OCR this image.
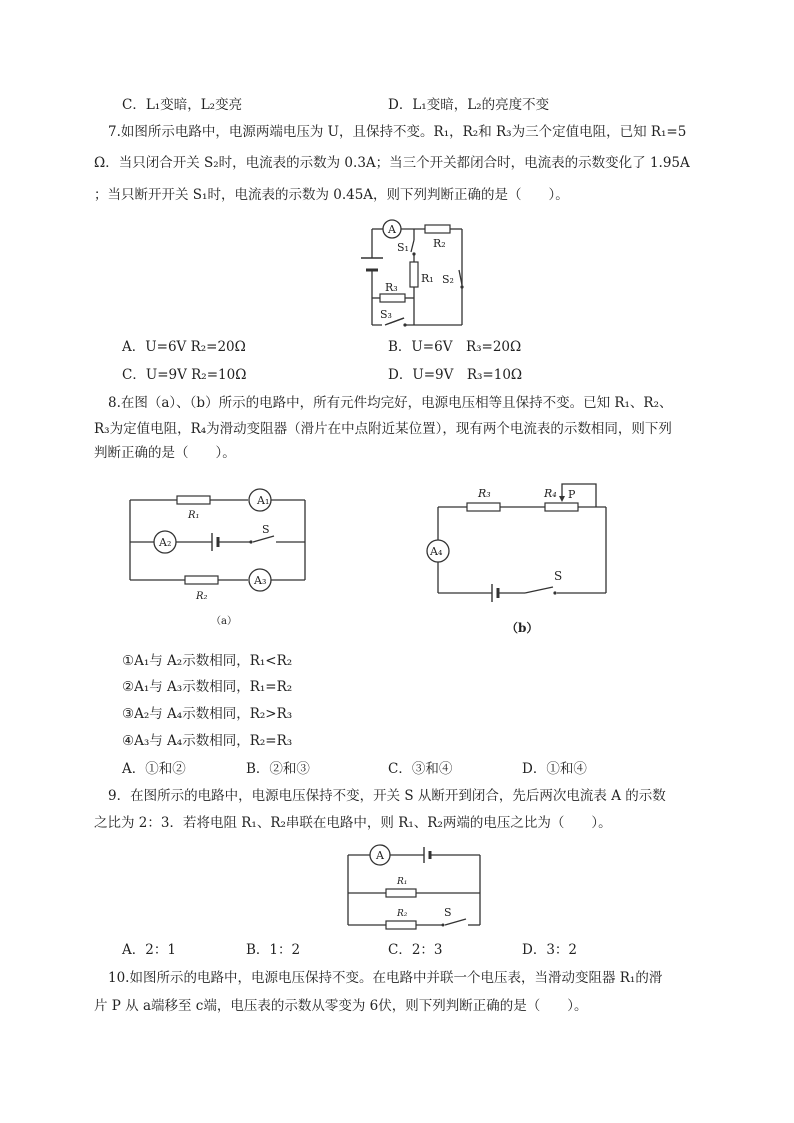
C．L₁变暗，L₂变亮	D．L₁变暗，L₂的亮度不变
7.如图所示电路中，电源两端电压为 U，且保持不变。R₁，R₂和 R₃为三个定值电阻，已知 R₁=5
Ω．当只闭合开关 S₂时，电流表的示数为 0.3A；当三个开关都闭合时，电流表的示数变化了 1.95A
；当只断开开关 S₁时，电流表的示数为 0.45A，则下列判断正确的是（　　）。
A
R₂
S₁
R₁ S₂
R₃
S₃
A．U=6V R₂=20Ω	B．U=6V　R₃=20Ω
C．U=9V R₂=10Ω	D．U=9V　R₃=10Ω
8.在图（a）、（b）所示的电路中，所有元件均完好，电源电压相等且保持不变。已知 R₁、R₂、
R₃为定值电阻，R₄为滑动变阻器（滑片在中点附近某位置），现有两个电流表的示数相同，则下列
判断正确的是（　　）。
A₁
R₁
A₂
S
A₃
R₂
（a）
A₄
R₃	R₄ P
S
（b）
①A₁与 A₂示数相同，R₁<R₂
②A₁与 A₃示数相同，R₁=R₂
③A₂与 A₄示数相同，R₂>R₃
④A₃与 A₄示数相同，R₂=R₃
A．①和②	B．②和③	C．③和④	D．①和④
9．在图所示的电路中，电源电压保持不变，开关 S 从断开到闭合，先后两次电流表 A 的示数
之比为 2：3．若将电阻 R₁、R₂串联在电路中，则 R₁、R₂两端的电压之比为（　　）。
A
R₁
R₂	S
A．2：1	B．1：2	C．2：3	D．3：2
10.如图所示的电路中，电源电压保持不变。在电路中并联一个电压表，当滑动变阻器 R₁的滑
片 P 从 a端移至 c端，电压表的示数从零变为 6伏，则下列判断正确的是（　　）。
